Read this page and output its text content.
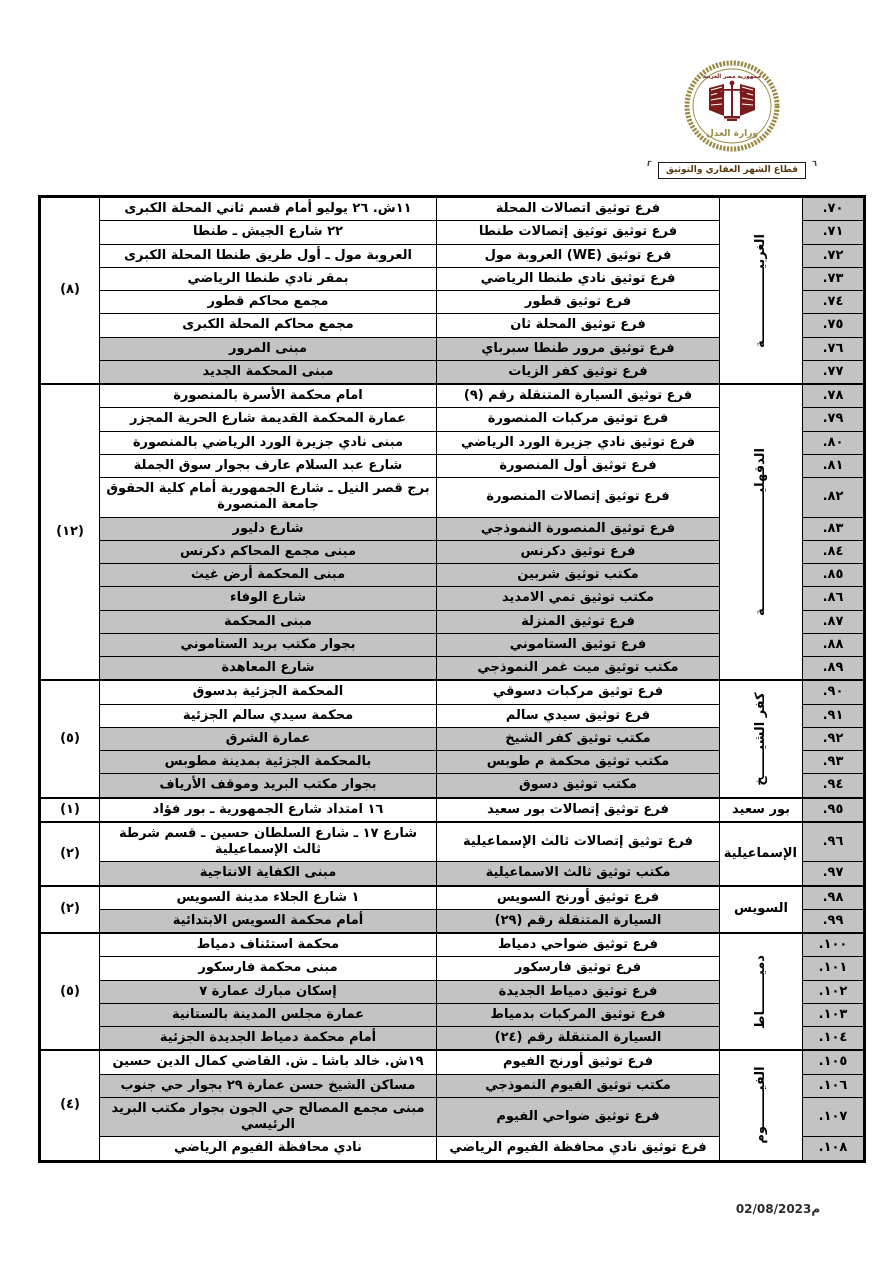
جمهورية مصر العربية
وزارة العدل

٦
قطاع الشهر العقاري والتوثيق
٦
٧٠.	الغربيــــــــــــــــة	فرع توثيق اتصالات المحلة	١١ش. ٢٦ يوليو أمام قسم ثاني المحلة الكبرى	(٨)
٧١.		فرع توثيق توثيق إتصالات طنطا	٢٢ شارع الجيش ـ طنطا	
٧٢.		فرع توثيق (WE) العروبة مول	العروبة مول ـ أول طريق طنطا المحلة الكبرى	
٧٣.		فرع توثيق نادي طنطا الرياضي	بمقر نادي طنطا الرياضي	
٧٤.		فرع توثيق قطور	مجمع محاكم قطور	
٧٥.		فرع توثيق المحلة ثان	مجمع محاكم المحلة الكبرى	
٧٦.		فرع توثيق مرور طنطا سبرباي	مبنى المرور	
٧٧.		فرع توثيق كفر الزيات	مبنى المحكمة الجديد	
٧٨.	الدقهليــــــــــــــــــــــــــة	فرع توثيق السيارة المتنقلة رقم (٩)	امام محكمة الأسرة بالمنصورة	(١٢)
٧٩.		فرع توثيق مركبات المنصورة	عمارة المحكمة القديمة شارع الحرية المجزر	
٨٠.		فرع توثيق نادي جزيرة الورد الرياضي	مبنى نادي جزيرة الورد الرياضي بالمنصورة	
٨١.		فرع توثيق أول المنصورة	شارع عبد السلام عارف بجوار سوق الجملة	
٨٢.		فرع توثيق إتصالات المنصورة	برج قصر النيل ـ شارع الجمهورية أمام كلية الحقوق جامعة المنصورة	
٨٣.		فرع توثيق المنصورة النموذجي	شارع دليور	
٨٤.		فرع توثيق دكرنس	مبنى مجمع المحاكم دكرنس	
٨٥.		مكتب توثيق شربين	مبنى المحكمة أرض غيث	
٨٦.		مكتب توثيق تمي الامديد	شارع الوفاء	
٨٧.		فرع توثيق المنزلة	مبنى المحكمة	
٨٨.		فرع توثيق الستاموني	بجوار مكتب بريد الستاموني	
٨٩.		مكتب توثيق ميت غمر النموذجي	شارع المعاهدة	
٩٠.	كفر الشيــــــخ	فرع توثيق مركبات دسوقي	المحكمة الجزئية بدسوق	(٥)
٩١.		فرع توثيق سيدي سالم	محكمة سيدي سالم الجزئية	
٩٢.		مكتب توثيق كفر الشيخ	عمارة الشرق	
٩٣.		مكتب توثيق محكمة م طوبس	بالمحكمة الجزئية بمدينة مطوبس	
٩٤.		مكتب توثيق دسوق	بجوار مكتب البريد وموقف الأرياف	
٩٥.	بور سعيد	فرع توثيق إتصالات بور سعيد	١٦ امتداد شارع الجمهورية ـ بور فؤاد	(١)
٩٦.	الإسماعيلية	فرع توثيق إتصالات ثالث الإسماعيلية	شارع ١٧ ـ شارع السلطان حسين ـ قسم شرطة ثالث الإسماعيلية	(٢)
٩٧.		مكتب توثيق ثالث الاسماعيلية	مبنى الكفاية الانتاجية	
٩٨.	السويس	فرع توثيق أورنج السويس	١ شارع الجلاء مدينة السويس	(٢)
٩٩.		السيارة المتنقلة رقم (٢٩)	أمام محكمة السويس الابتدائية	
١٠٠.	دميــــــــاط	فرع توثيق ضواحي دمياط	محكمة استئناف دمياط	(٥)
١٠١.		فرع توثيق فارسكور	مبنى محكمة فارسكور	
١٠٢.		فرع توثيق دمياط الجديدة	إسكان مبارك عمارة ٧	
١٠٣.		فرع توثيق المركبات بدمياط	عمارة مجلس المدينة بالستانية	
١٠٤.		السيارة المتنقلة رقم (٢٤)	أمام محكمة دمياط الجديدة الجزئية	
١٠٥.	الفيــــــــوم	فرع توثيق أورنج الفيوم	١٩ش. خالد باشا ـ ش. القاضي كمال الدين حسين	(٤)
١٠٦.		مكتب توثيق الفيوم النموذجي	مساكن الشيخ حسن عمارة ٢٩ بجوار حي جنوب	
١٠٧.		فرع توثيق ضواحي الفيوم	مبنى مجمع المصالح حي الجون بجوار مكتب البريد الرئيسي	
١٠٨.		فرع توثيق نادي محافظة الفيوم الرياضي	نادي محافظة الفيوم الرياضي	
02/08/2023م
